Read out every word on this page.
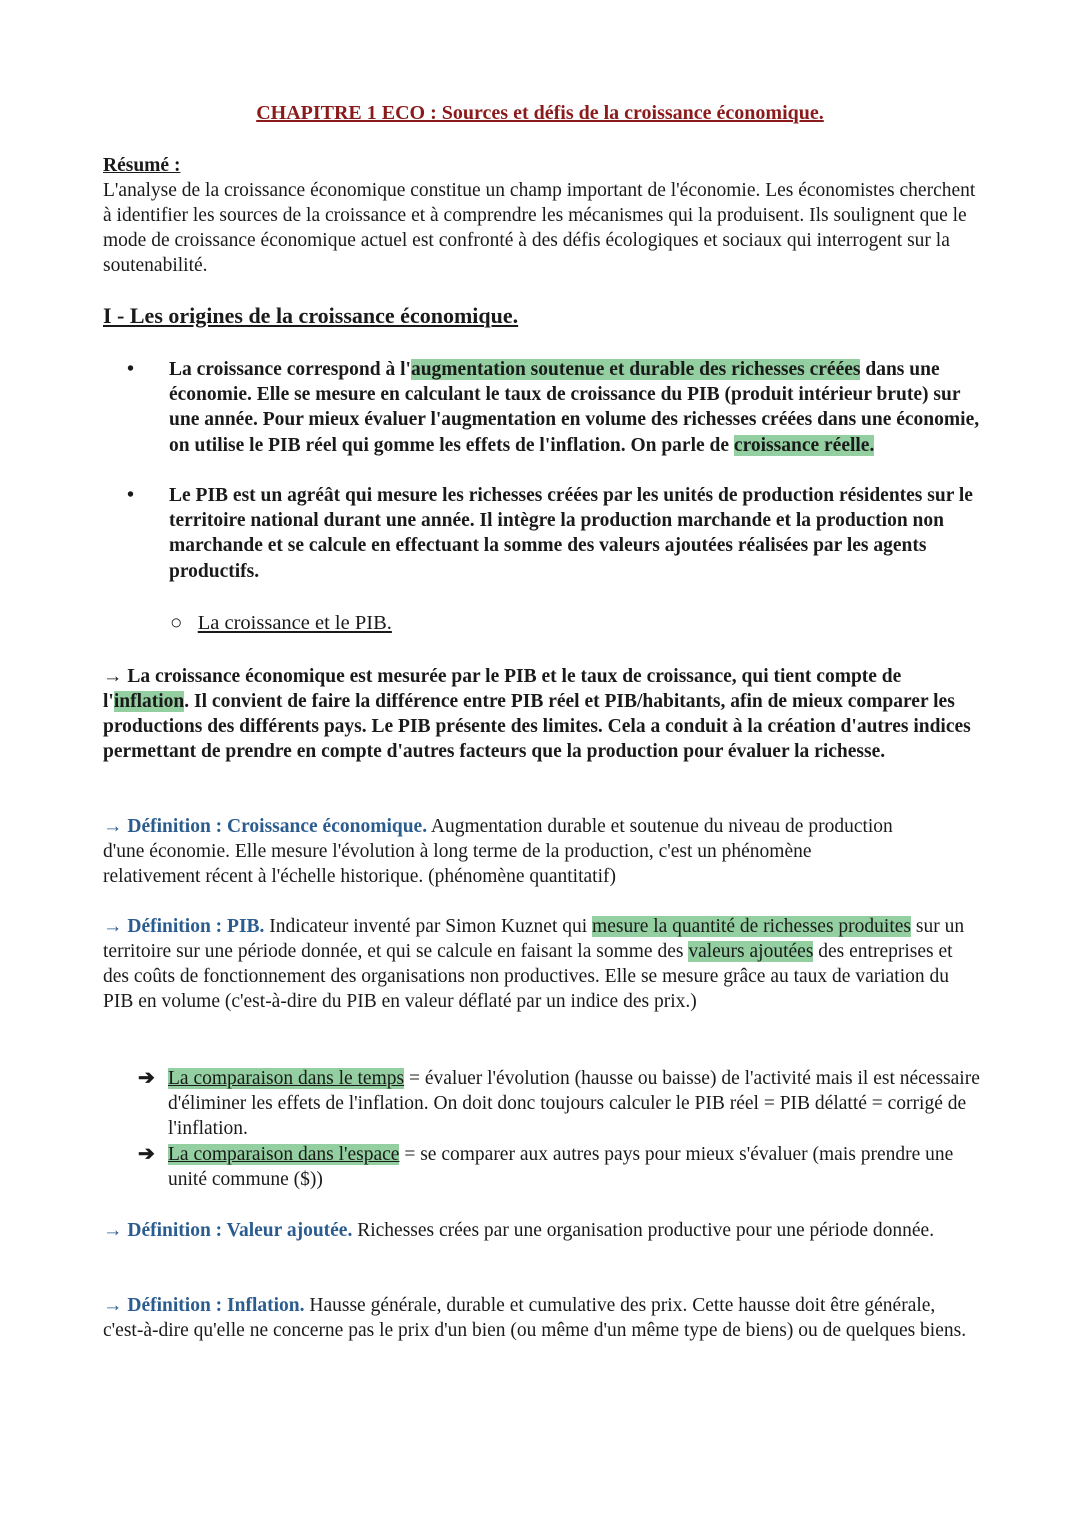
CHAPITRE 1 ECO : Sources et défis de la croissance économique.
Résumé :
L'analyse de la croissance économique constitue un champ important de l'économie. Les économistes cherchent à identifier les sources de la croissance et à comprendre les mécanismes qui la produisent. Ils soulignent que le mode de croissance économique actuel est confronté à des défis écologiques et sociaux qui interrogent sur la soutenabilité.
I - Les origines de la croissance économique.
• La croissance correspond à l'augmentation soutenue et durable des richesses créées dans une économie. Elle se mesure en calculant le taux de croissance du PIB (produit intérieur brute) sur une année. Pour mieux évaluer l'augmentation en volume des richesses créées dans une économie, on utilise le PIB réel qui gomme les effets de l'inflation. On parle de croissance réelle.
• Le PIB est un agréât qui mesure les richesses créées par les unités de production résidentes sur le territoire national durant une année. Il intègre la production marchande et la production non marchande et se calcule en effectuant la somme des valeurs ajoutées réalisées par les agents productifs.
○ La croissance et le PIB.
→ La croissance économique est mesurée par le PIB et le taux de croissance, qui tient compte de l'inflation. Il convient de faire la différence entre PIB réel et PIB/habitants, afin de mieux comparer les productions des différents pays. Le PIB présente des limites. Cela a conduit à la création d'autres indices permettant de prendre en compte d'autres facteurs que la production pour évaluer la richesse.
→ Définition : Croissance économique. Augmentation durable et soutenue du niveau de production d'une économie. Elle mesure l'évolution à long terme de la production, c'est un phénomène relativement récent à l'échelle historique. (phénomène quantitatif)
→ Définition : PIB. Indicateur inventé par Simon Kuznet qui mesure la quantité de richesses produites sur un territoire sur une période donnée, et qui se calcule en faisant la somme des valeurs ajoutées des entreprises et des coûts de fonctionnement des organisations non productives. Elle se mesure grâce au taux de variation du PIB en volume (c'est-à-dire du PIB en valeur déflaté par un indice des prix.)
➔ La comparaison dans le temps = évaluer l'évolution (hausse ou baisse) de l'activité mais il est nécessaire d'éliminer les effets de l'inflation. On doit donc toujours calculer le PIB réel = PIB délatté = corrigé de l'inflation.
➔ La comparaison dans l'espace = se comparer aux autres pays pour mieux s'évaluer (mais prendre une unité commune ($))
→ Définition : Valeur ajoutée. Richesses crées par une organisation productive pour une période donnée.
→ Définition : Inflation. Hausse générale, durable et cumulative des prix. Cette hausse doit être générale, c'est-à-dire qu'elle ne concerne pas le prix d'un bien (ou même d'un même type de biens) ou de quelques biens.
